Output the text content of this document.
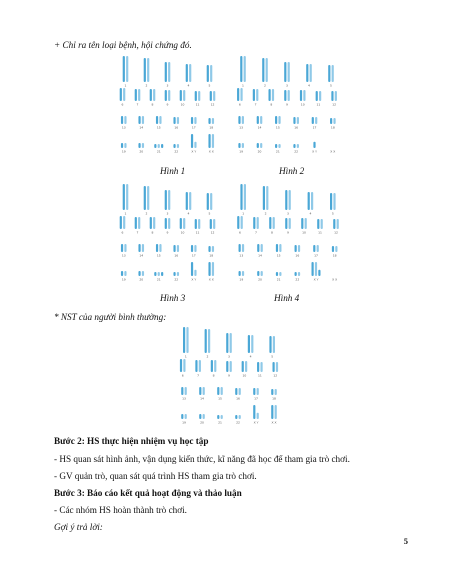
+ Chỉ ra tên loại bệnh, hội chứng đó.
1	2	3	4	5
6	7	8	9	10	11	12
13	14	15	16	17	18
19	20	21	22	X Y	X X
1	2	3	4	5
6	7	8	9	10	11	12
13	14	15	16	17	18
19	20	21	22	X Y	X X
Hình 1	Hình 2
1	2	3	4	5
6	7	8	9	10	11	12
13	14	15	16	17	18
19	20	21	22	X Y	X X
1	2	3	4	5
6	7	8	9	10	11	12
13	14	15	16	17	18
19	20	21	22	X Y	X X
Hình 3	Hình 4
* NST của người bình thường:
1	2	3	4	5
6	7	8	9	10	11	12
13	14	15	16	17	18
19	20	21	22	X Y	X X
Bước 2: HS thực hiện nhiệm vụ học tập
- HS quan sát hình ảnh, vận dụng kiến thức, kĩ năng đã học để tham gia trò chơi.
- GV quản trò, quan sát quá trình HS tham gia trò chơi.
Bước 3: Báo cáo kết quả hoạt động và thảo luận
- Các nhóm HS hoàn thành trò chơi.
Gợi ý trả lời:
5
